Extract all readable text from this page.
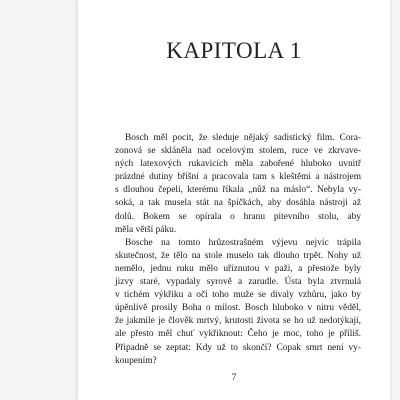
KAPITOLA 1
Bosch měl pocit, že sleduje nějaký sadistický film. Cora-
zonová se skláněla nad ocelovým stolem, ruce ve zkrvave-
ných latexových rukavicích měla zabořené hluboko uvnitř
prázdné dutiny břišní a pracovala tam s kleštěmi a nástrojem
s dlouhou čepelí, kterému říkala „nůž na máslo“. Nebyla vy-
soká, a tak musela stát na špičkách, aby dosáhla nástroji až
dolů. Bokem se opírala o hranu pitevního stolu, aby
měla větší páku.
Bosche na tomto hrůzostrašném výjevu nejvíc trápila
skutečnost, že tělo na stole muselo tak dlouho trpět. Nohy už
nemělo, jednu ruku mělo uříznutou v paži, a přestože byly
jizvy staré, vypadaly syrově a zarudle. Ústa byla ztvrnulá
v tichém výkřiku a oči toho muže se dívaly vzhůru, jako by
úpěnlivě prosily Boha o milost. Bosch hluboko v nitru věděl,
že jakmile je člověk mrtvý, krutosti života se ho už nedotýkají,
ale přesto měl chuť vykřiknout: Čeho je moc, toho je příliš.
Připadně se zeptat: Kdy už to skončí? Copak smrt není vy-
koupením?
7
